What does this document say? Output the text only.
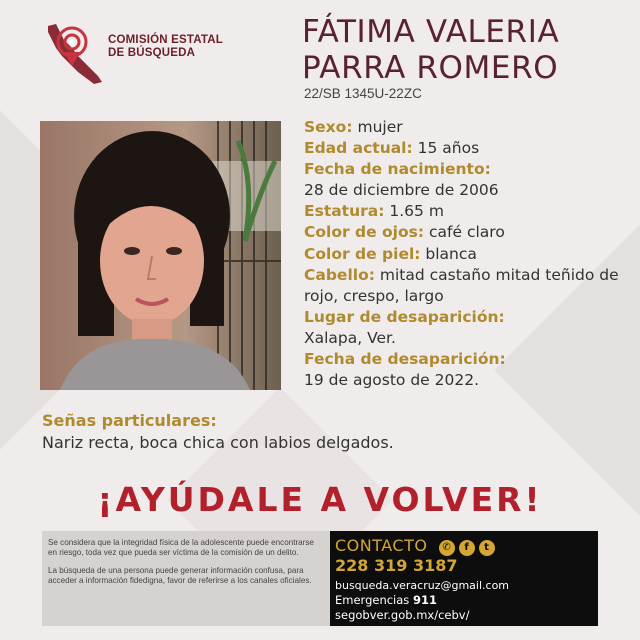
COMISIÓN ESTATAL
DE BÚSQUEDA
FÁTIMA VALERIA
PARRA ROMERO
22/SB 1345U-22ZC
Sexo: mujer
Edad actual: 15 años
Fecha de nacimiento:
28 de diciembre de 2006
Estatura: 1.65 m
Color de ojos: café claro
Color de piel: blanca
Cabello: mitad castaño mitad teñido de rojo, crespo, largo
Lugar de desaparición:
Xalapa, Ver.
Fecha de desaparición:
19 de agosto de 2022.
Señas particulares:
Nariz recta, boca chica con labios delgados.
¡AYÚDALE A VOLVER!

Se considera que la integridad física de la adolescente puede encontrarse en riesgo, toda vez que pueda ser víctima de la comisión de un delito.

La búsqueda de una persona puede generar información confusa, para acceder a información fidedigna, favor de referirse a los canales oficiales.

CONTACTO ✆ f t
228 319 3187
busqueda.veracruz@gmail.com
Emergencias 911
segobver.gob.mx/cebv/
